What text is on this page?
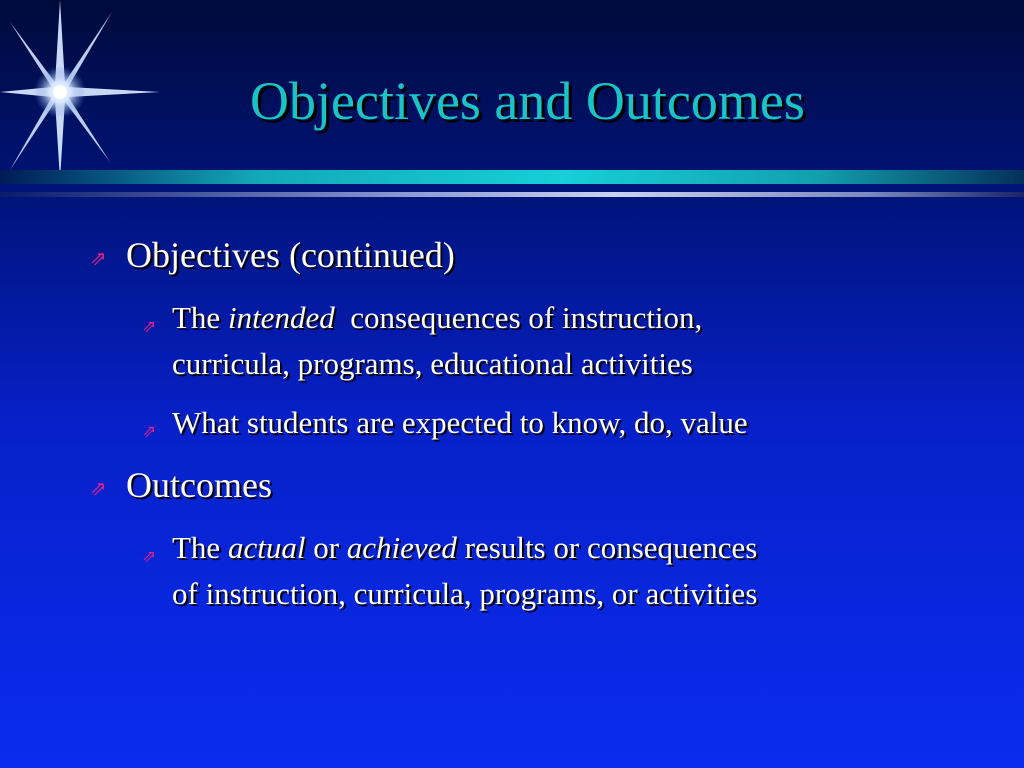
Objectives and Outcomes
⇗ Objectives (continued)
⇗ The intended  consequences of instruction,
curricula, programs, educational activities
⇗ What students are expected to know, do, value
⇗ Outcomes
⇗ The actual or achieved results or consequences
of instruction, curricula, programs, or activities
